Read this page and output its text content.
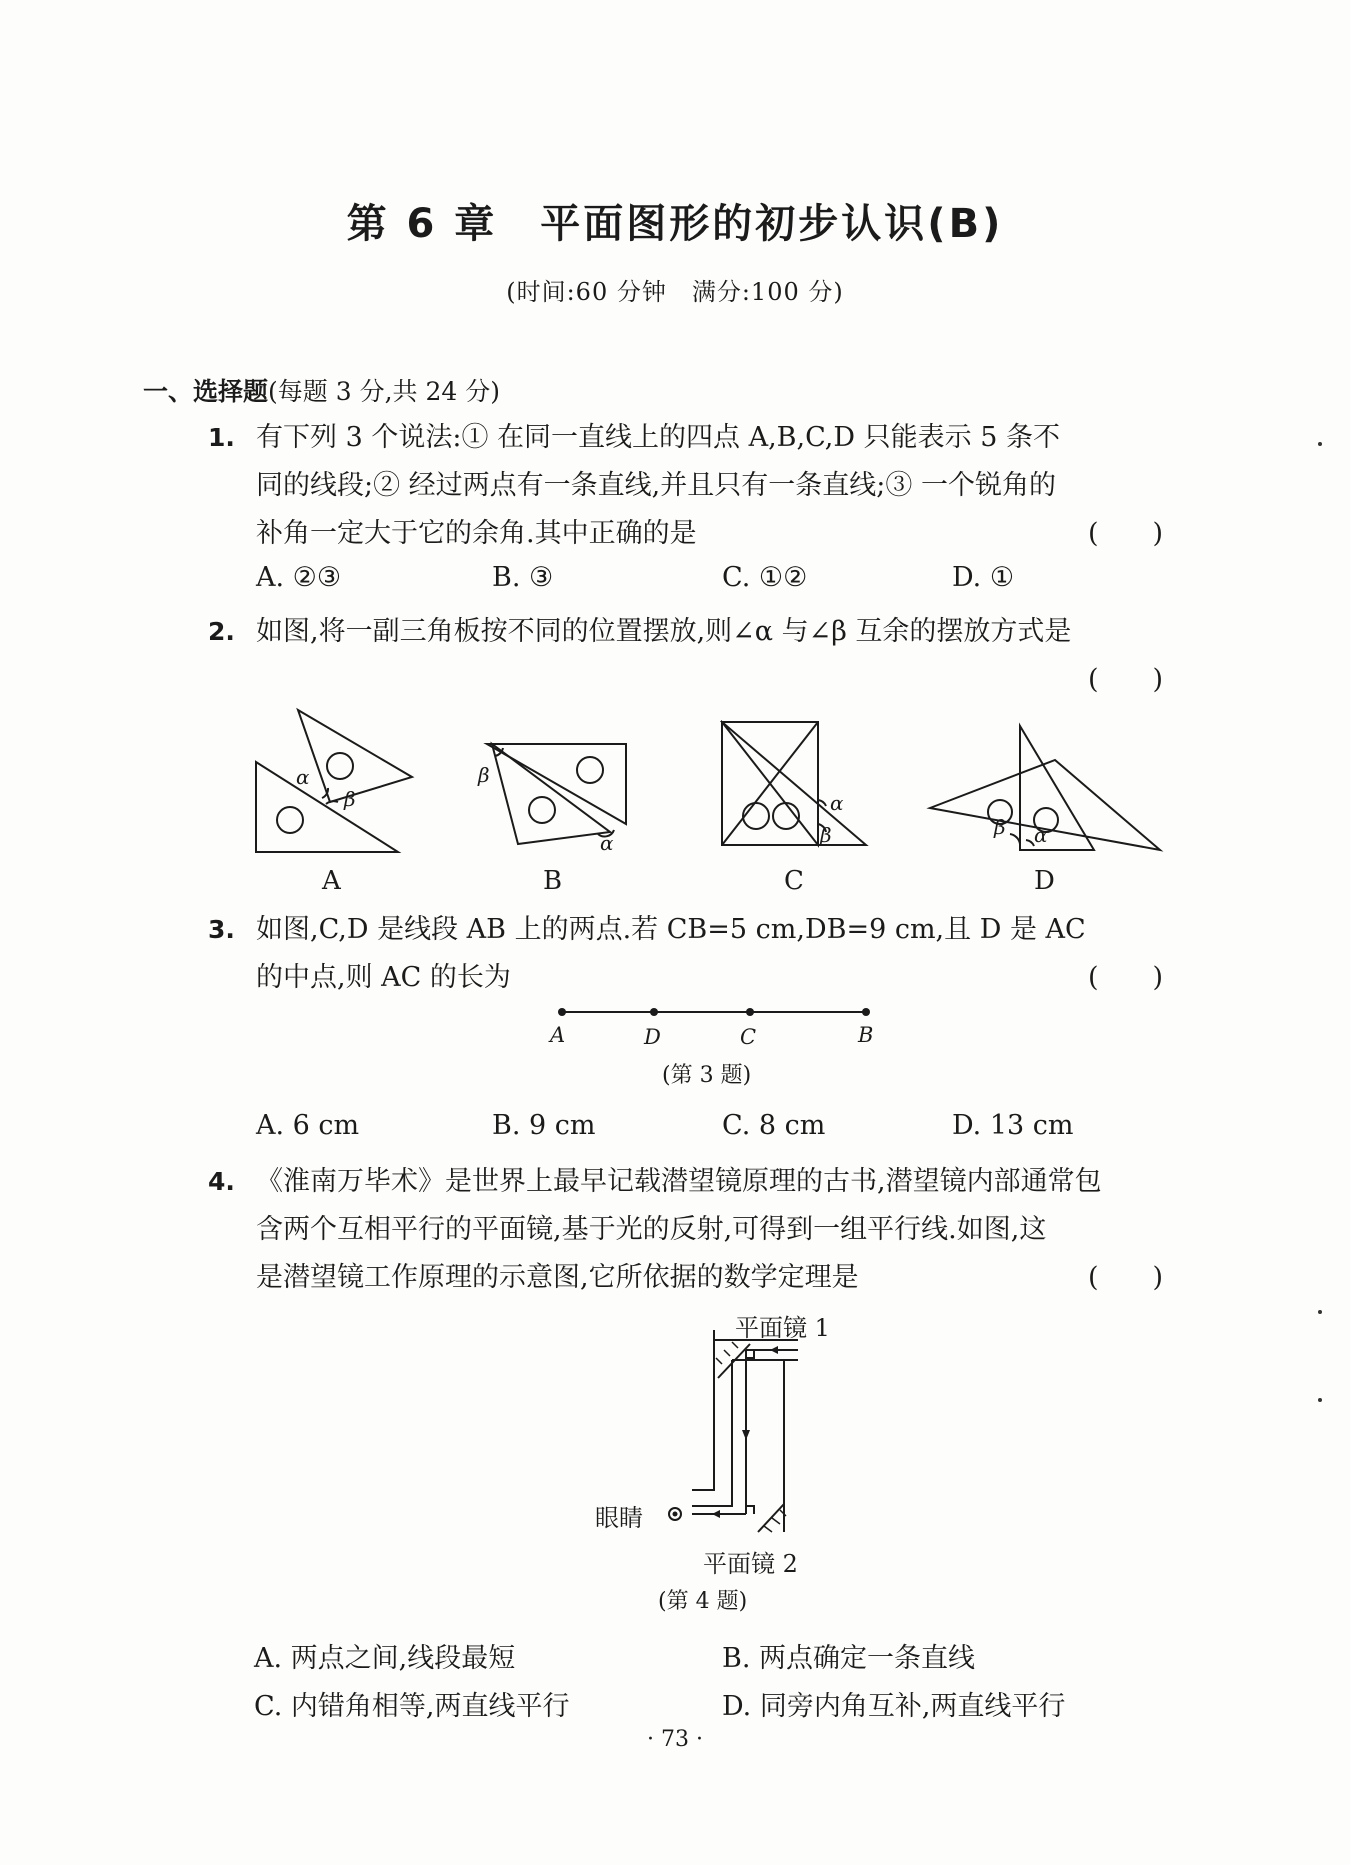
第 6 章　平面图形的初步认识(B)
(时间:60 分钟　满分:100 分)
一、选择题(每题 3 分,共 24 分)
1. 有下列 3 个说法:① 在同一直线上的四点 A,B,C,D 只能表示 5 条不
同的线段;② 经过两点有一条直线,并且只有一条直线;③ 一个锐角的
补角一定大于它的余角.其中正确的是	(　　)
A. ②③	B. ③	C. ①②	D. ①
2. 如图,将一副三角板按不同的位置摆放,则∠α 与∠β 互余的摆放方式是
(　　)
α
β
β
α
α
β	β α
A	B	C	D
3. 如图,C,D 是线段 AB 上的两点.若 CB=5 cm,DB=9 cm,且 D 是 AC
的中点,则 AC 的长为	(　　)
A	D	C	B
(第 3 题)
A. 6 cm	B. 9 cm	C. 8 cm	D. 13 cm
4. 《淮南万毕术》是世界上最早记载潜望镜原理的古书,潜望镜内部通常包
含两个互相平行的平面镜,基于光的反射,可得到一组平行线.如图,这
是潜望镜工作原理的示意图,它所依据的数学定理是	(　　)
平面镜 1
眼睛
平面镜 2
(第 4 题)
A. 两点之间,线段最短	B. 两点确定一条直线
C. 内错角相等,两直线平行	D. 同旁内角互补,两直线平行
· 73 ·
